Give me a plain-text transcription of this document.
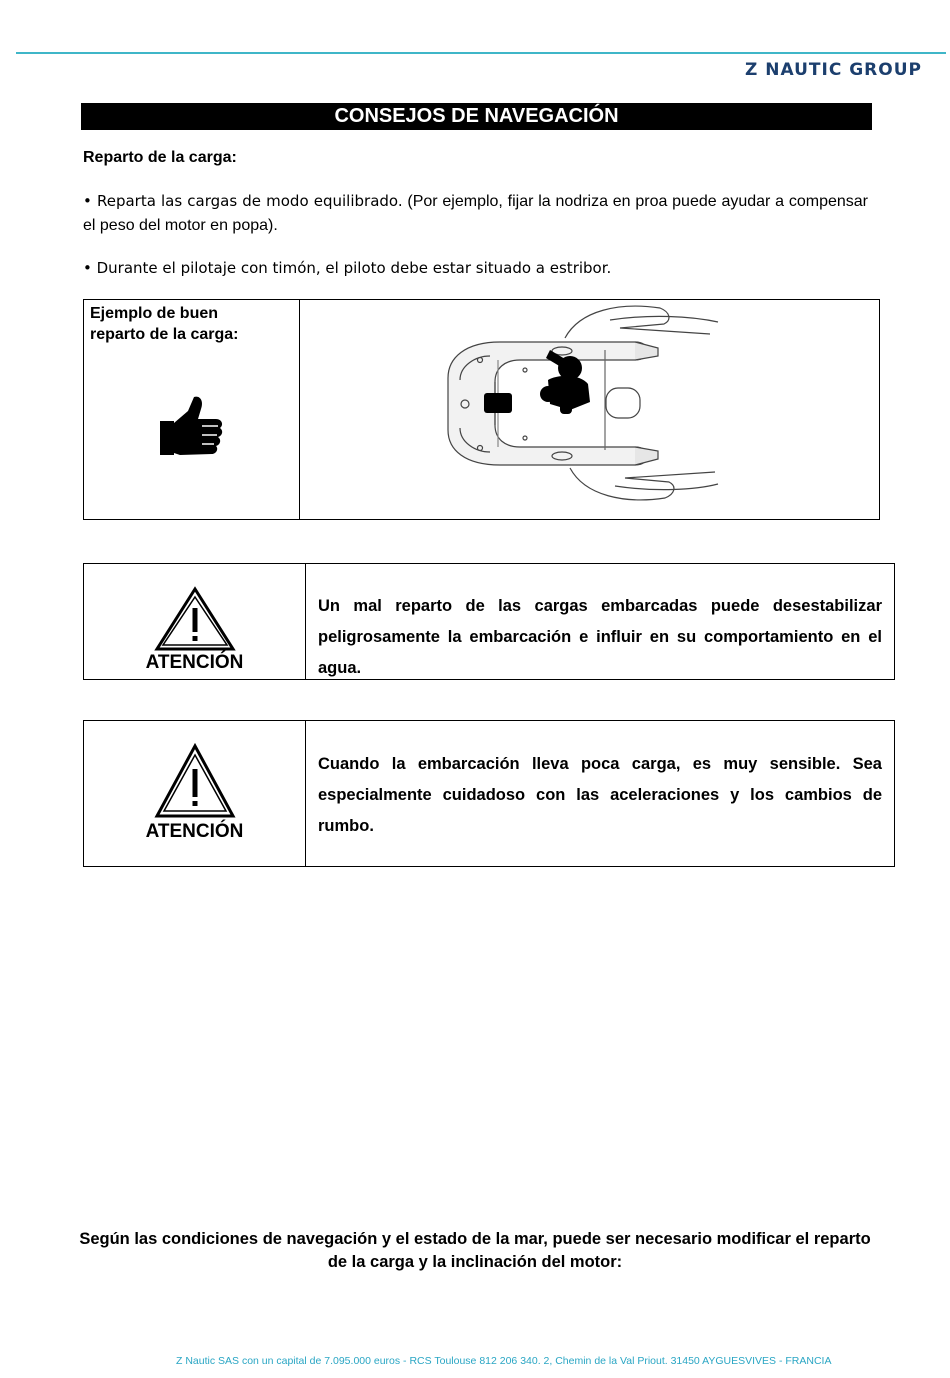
Z NAUTIC GROUP
CONSEJOS DE NAVEGACIÓN
Reparto de la carga:
• Reparta las cargas de modo equilibrado. (Por ejemplo, fijar la nodriza en proa puede ayudar a compensar el peso del motor en popa).
• Durante el pilotaje con timón, el piloto debe estar situado a estribor.
Ejemplo de buen reparto de la carga:
ATENCIÓN
Un mal reparto de las cargas embarcadas puede desestabilizar peligrosamente la embarcación e influir en su comportamiento en el agua.
ATENCIÓN
Cuando la embarcación lleva poca carga, es muy sensible. Sea especialmente cuidadoso con las aceleraciones y los cambios de rumbo.
Según las condiciones de navegación y el estado de la mar, puede ser necesario modificar el reparto de la carga y la inclinación del motor:
Z Nautic SAS con un capital de 7.095.000 euros - RCS Toulouse 812 206 340. 2, Chemin de la Val Priout. 31450 AYGUESVIVES - FRANCIA
